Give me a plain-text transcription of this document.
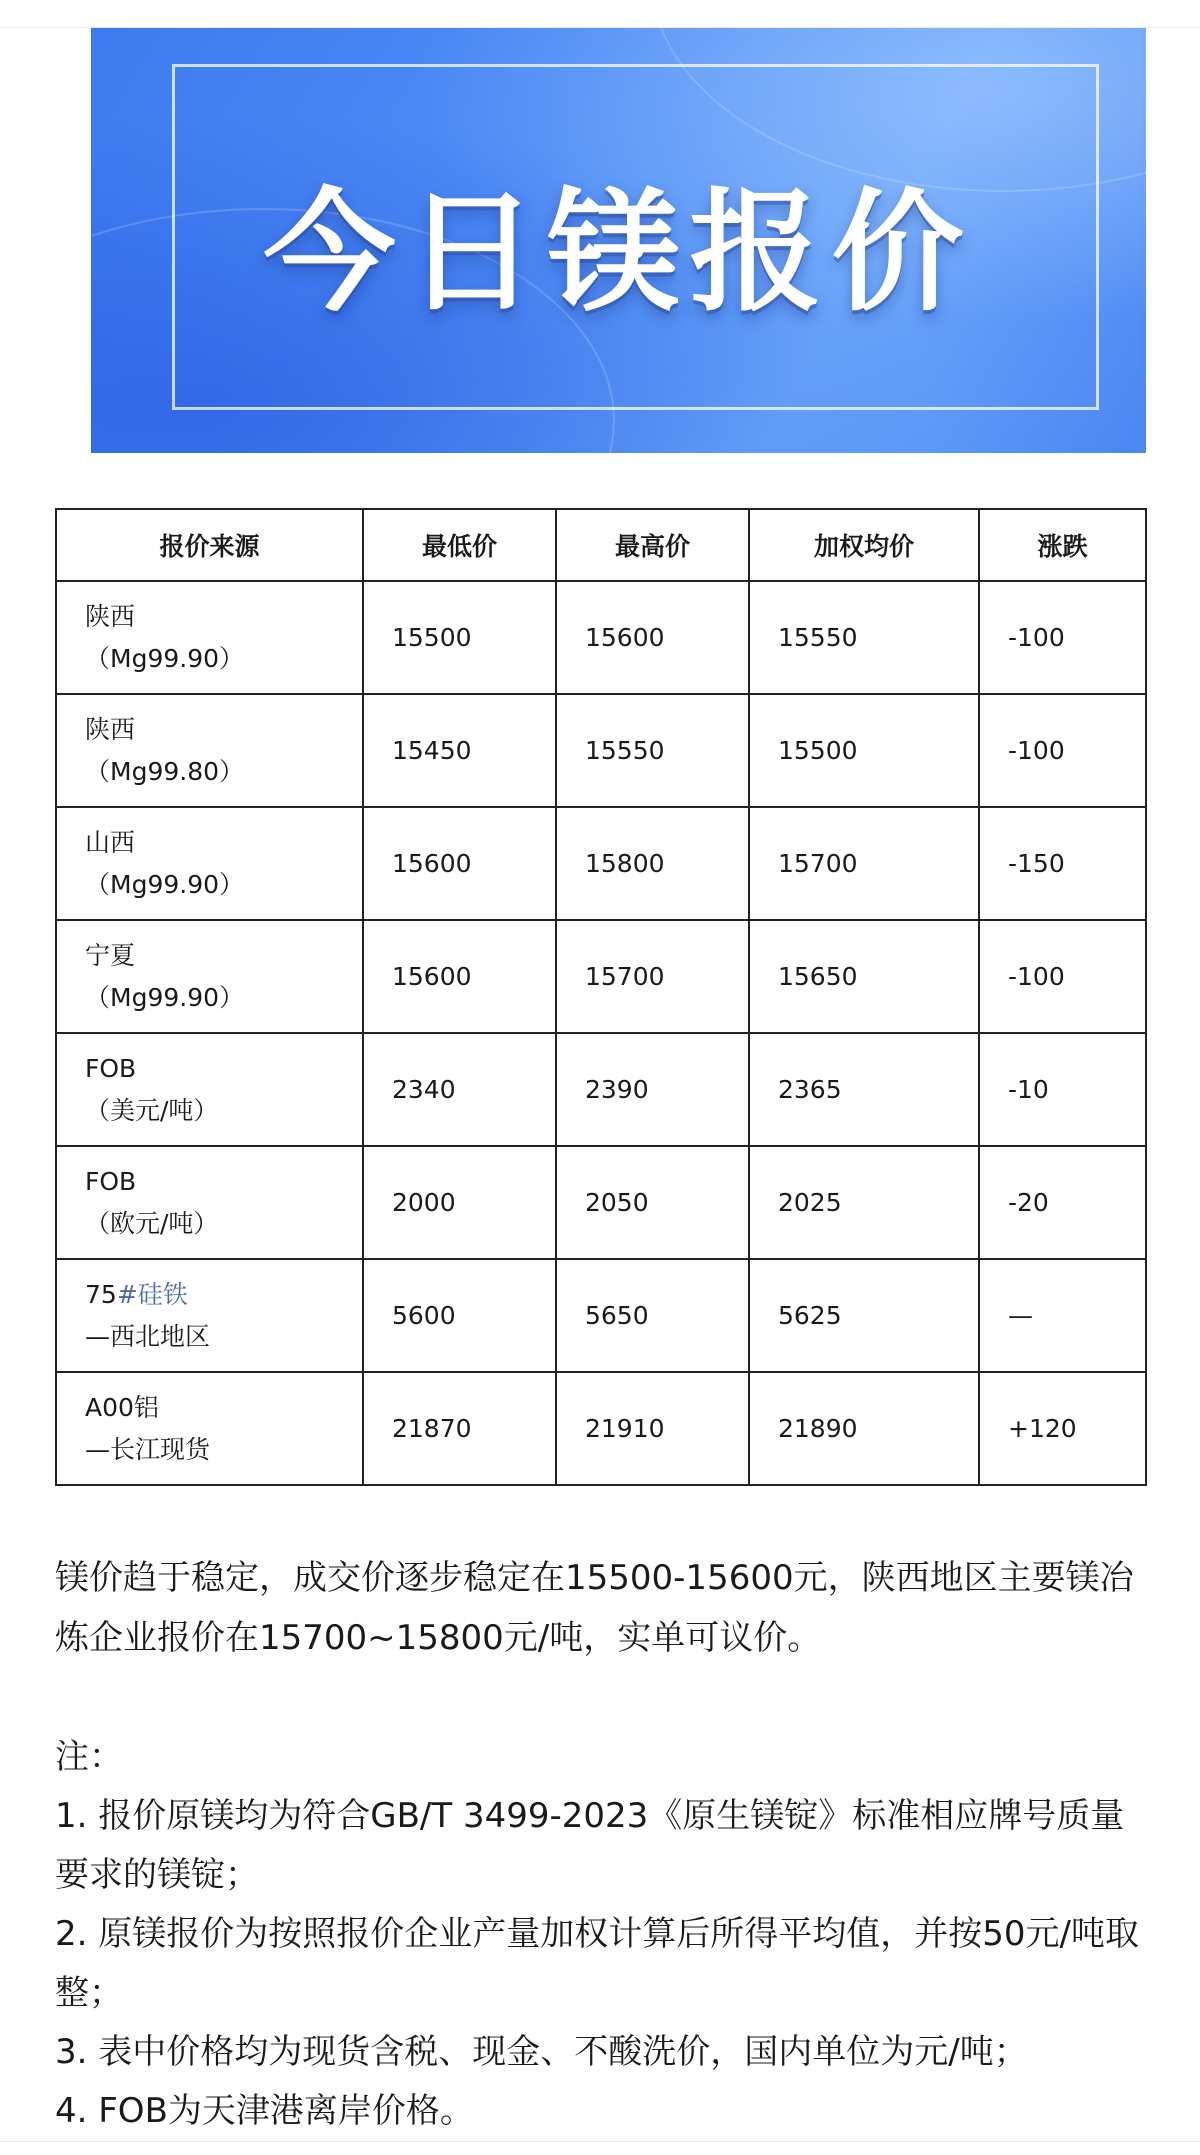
今日镁报价
报价来源	最低价	最高价	加权均价	涨跌
陕西
（Mg99.90）	15500	15600	15550	-100
陕西
（Mg99.80）	15450	15550	15500	-100
山西
（Mg99.90）	15600	15800	15700	-150
宁夏
（Mg99.90）	15600	15700	15650	-100
FOB
（美元/吨）	2340	2390	2365	-10
FOB
（欧元/吨）	2000	2050	2025	-20
75#硅铁
—西北地区	5600	5650	5625	—
A00铝
—长江现货	21870	21910	21890	+120

镁价趋于稳定，成交价逐步稳定在15500-15600元，陕西地区主要镁冶炼企业报价在15700~15800元/吨，实单可议价。

注：

1. 报价原镁均为符合GB/T 3499-2023《原生镁锭》标准相应牌号质量要求的镁锭；

2. 原镁报价为按照报价企业产量加权计算后所得平均值，并按50元/吨取整；

3. 表中价格均为现货含税、现金、不酸洗价，国内单位为元/吨；

4. FOB为天津港离岸价格。
